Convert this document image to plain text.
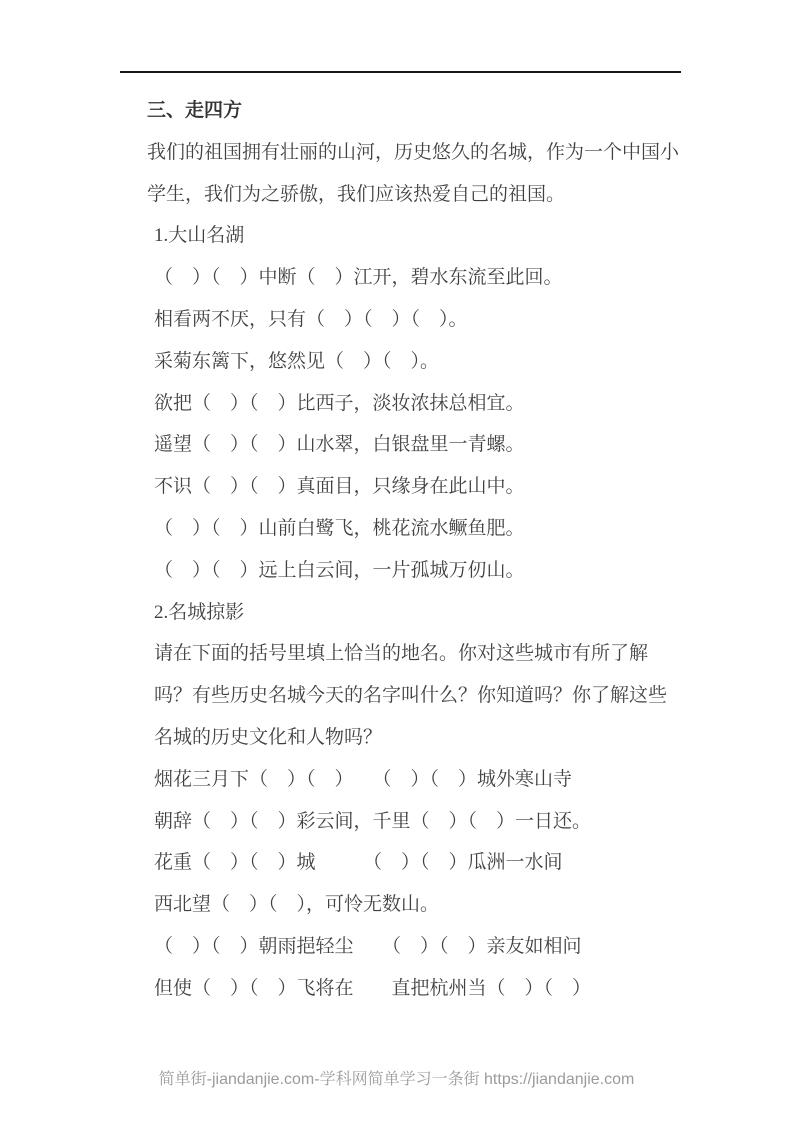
三、走四方
我们的祖国拥有壮丽的山河，历史悠久的名城，作为一个中国小
学生，我们为之骄傲，我们应该热爱自己的祖国。
1.大山名湖
（　）（　）中断（　）江开，碧水东流至此回。
相看两不厌，只有（　）（　）（　）。
采菊东篱下，悠然见（　）（　）。
欲把（　）（　）比西子，淡妆浓抹总相宜。
遥望（　）（　）山水翠，白银盘里一青螺。
不识（　）（　）真面目，只缘身在此山中。
（　）（　）山前白鹭飞，桃花流水鳜鱼肥。
（　）（　）远上白云间，一片孤城万仞山。
2.名城掠影
请在下面的括号里填上恰当的地名。你对这些城市有所了解
吗？有些历史名城今天的名字叫什么？你知道吗？你了解这些
名城的历史文化和人物吗？
烟花三月下（　）（　）　　（　）（　）城外寒山寺
朝辞（　）（　）彩云间，千里（　）（　）一日还。
花重（　）（　）城　　　（　）（　）瓜洲一水间
西北望（　）（　），可怜无数山。
（　）（　）朝雨挹轻尘　　（　）（　）亲友如相问
但使（　）（　）飞将在　　直把杭州当（　）（　）
简单街-jiandanjie.com-学科网简单学习一条街 https://jiandanjie.com
